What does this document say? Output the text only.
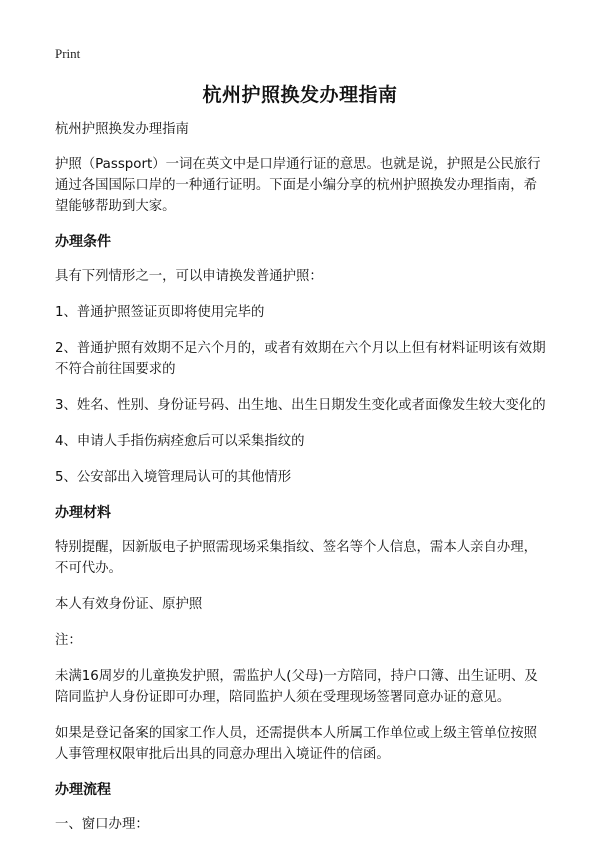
Print
杭州护照换发办理指南

杭州护照换发办理指南

护照（Passport）一词在英文中是口岸通行证的意思。也就是说，护照是公民旅行通过各国国际口岸的一种通行证明。下面是小编分享的杭州护照换发办理指南，希望能够帮助到大家。

办理条件

具有下列情形之一，可以申请换发普通护照：

1、普通护照签证页即将使用完毕的

2、普通护照有效期不足六个月的，或者有效期在六个月以上但有材料证明该有效期不符合前往国要求的

3、姓名、性别、身份证号码、出生地、出生日期发生变化或者面像发生较大变化的

4、申请人手指伤病痊愈后可以采集指纹的

5、公安部出入境管理局认可的其他情形

办理材料

特别提醒，因新版电子护照需现场采集指纹、签名等个人信息，需本人亲自办理，不可代办。

本人有效身份证、原护照

注：

未满16周岁的儿童换发护照，需监护人(父母)一方陪同，持户口簿、出生证明、及陪同监护人身份证即可办理，陪同监护人须在受理现场签署同意办证的意见。

如果是登记备案的国家工作人员，还需提供本人所属工作单位或上级主管单位按照人事管理权限审批后出具的同意办理出入境证件的信函。

办理流程

一、窗口办理：
